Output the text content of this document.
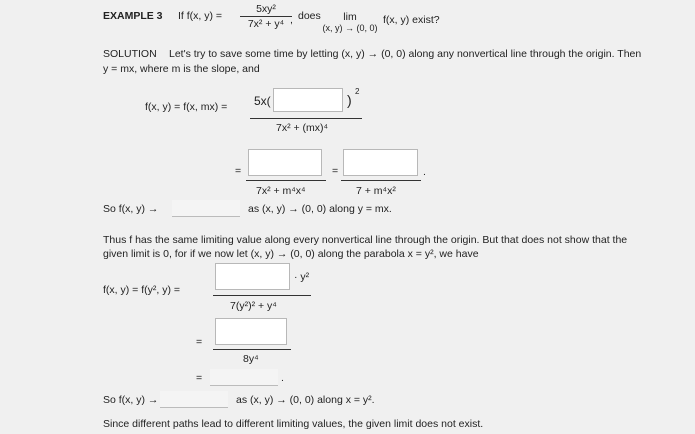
EXAMPLE 3 If f(x, y) =
5xy²
7x² + y⁴ , does	lim
(x, y) → (0, 0)
f(x, y) exist?
SOLUTION Let's try to save some time by letting (x, y) → (0, 0) along any nonvertical line through the origin. Then
y = mx, where m is the slope, and
f(x, y) = f(x, mx) = 5x(	)
2
7x² + (mx)⁴
=
7x² + m⁴x⁴
=
7 + m⁴x²
.
So f(x, y) →	as (x, y) → (0, 0) along y = mx.
Thus f has the same limiting value along every nonvertical line through the origin. But that does not show that the
given limit is 0, for if we now let (x, y) → (0, 0) along the parabola x = y², we have
f(x, y) = f(y², y) =
· y²
7(y²)² + y⁴
=
8y⁴
=	.
So f(x, y) →	as (x, y) → (0, 0) along x = y².
Since different paths lead to different limiting values, the given limit does not exist.
